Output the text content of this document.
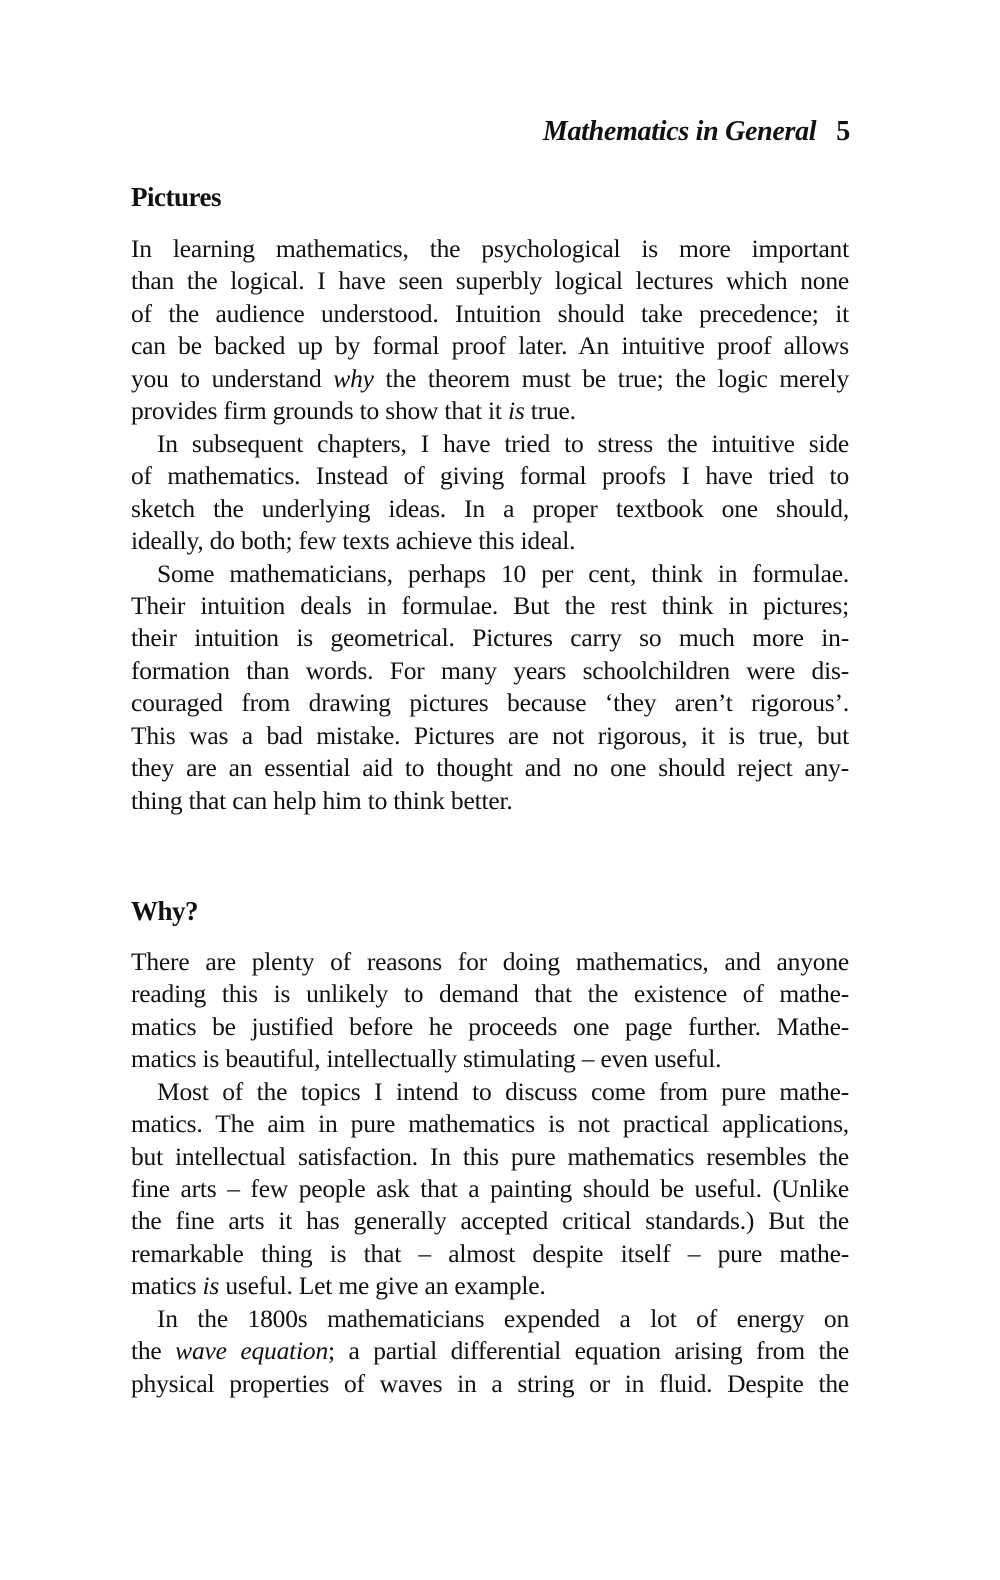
Mathematics in General 5
Pictures
In learning mathematics, the psychological is more important
than the logical. I have seen superbly logical lectures which none
of the audience understood. Intuition should take precedence; it
can be backed up by formal proof later. An intuitive proof allows
you to understand why the theorem must be true; the logic merely
provides firm grounds to show that it is true.
In subsequent chapters, I have tried to stress the intuitive side
of mathematics. Instead of giving formal proofs I have tried to
sketch the underlying ideas. In a proper textbook one should,
ideally, do both; few texts achieve this ideal.
Some mathematicians, perhaps 10 per cent, think in formulae.
Their intuition deals in formulae. But the rest think in pictures;
their intuition is geometrical. Pictures carry so much more in-
formation than words. For many years schoolchildren were dis-
couraged from drawing pictures because ‘they aren’t rigorous’.
This was a bad mistake. Pictures are not rigorous, it is true, but
they are an essential aid to thought and no one should reject any-
thing that can help him to think better.
Why?
There are plenty of reasons for doing mathematics, and anyone
reading this is unlikely to demand that the existence of mathe-
matics be justified before he proceeds one page further. Mathe-
matics is beautiful, intellectually stimulating – even useful.
Most of the topics I intend to discuss come from pure mathe-
matics. The aim in pure mathematics is not practical applications,
but intellectual satisfaction. In this pure mathematics resembles the
fine arts – few people ask that a painting should be useful. (Unlike
the fine arts it has generally accepted critical standards.) But the
remarkable thing is that – almost despite itself – pure mathe-
matics is useful. Let me give an example.
In the 1800s mathematicians expended a lot of energy on
the wave equation; a partial differential equation arising from the
physical properties of waves in a string or in fluid. Despite the
